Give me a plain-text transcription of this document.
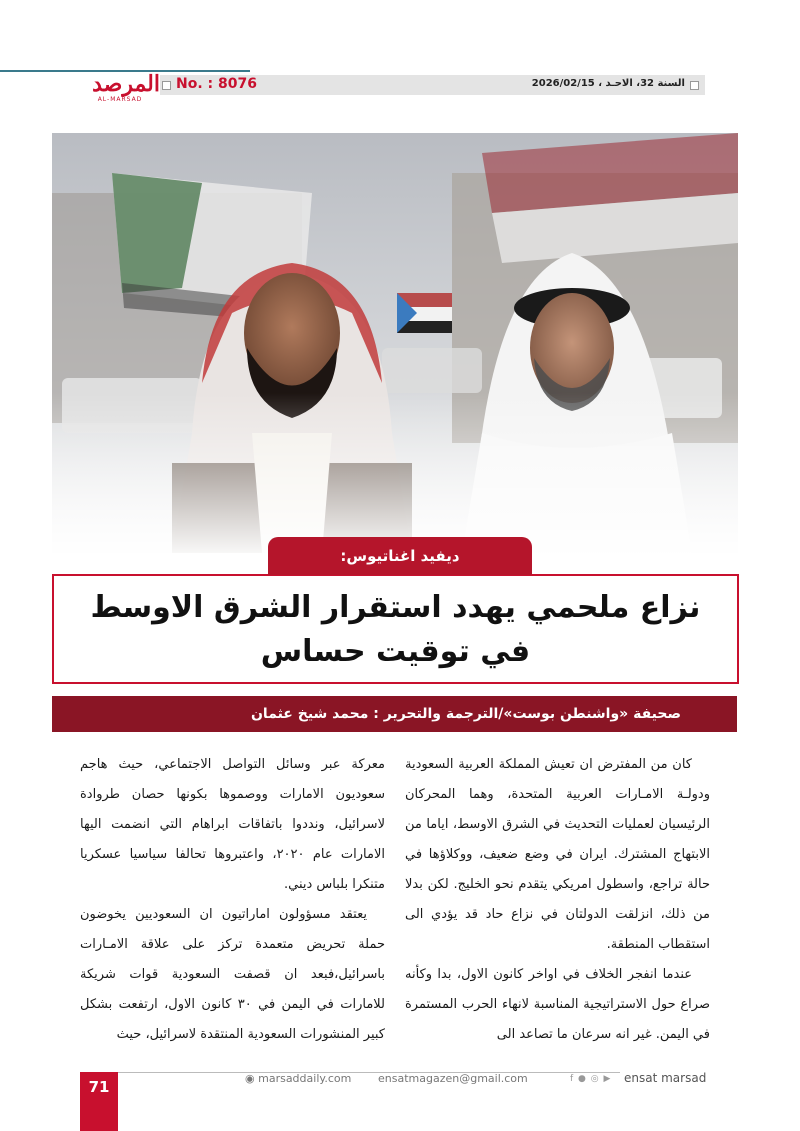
No. : 8076	السنة 32، الاحـد ، 2026/02/15
المرصد
AL-MARSAD
نزاع ملحمي يهدد استقرار الشرق الاوسط
في توقيت حساس
ديفيد اغناتيوس:
صحيفة «واشنطن بوست»/الترجمة والتحرير : محمد شيخ عثمان

كان من المفترض ان تعيش المملكة العربية السعودية ودولـة الامـارات العربية المتحدة، وهما المحركان الرئيسيان لعمليات التحديث في الشرق الاوسط، اياما من الابتهاج المشترك. ايران في وضع ضعيف، ووكلاؤها في حالة تراجع، واسطول امريكي يتقدم نحو الخليج. لكن بدلا من ذلك، انزلقت الدولتان في نزاع حاد قد يؤدي الى استقطاب المنطقة.

عندما انفجر الخلاف في اواخر كانون الاول، بدا وكأنه صراع حول الاستراتيجية المناسبة لانهاء الحرب المستمرة في اليمن. غير انه سرعان ما تصاعد الى

معركة عبر وسائل التواصل الاجتماعي، حيث هاجم سعوديون الامارات ووصموها بكونها حصان طروادة لاسرائيل، ونددوا باتفاقات ابراهام التي انضمت اليها الامارات عام ٢٠٢٠، واعتبروها تحالفا سياسيا عسكريا متنكرا بلباس ديني.

يعتقد مسؤولون اماراتيون ان السعوديين يخوضون حملة تحريض متعمدة تركز على علاقة الامـارات باسرائيل،فبعد ان قصفت السعودية قوات شريكة للامارات في اليمن في ٣٠ كانون الاول، ارتفعت بشكل كبير المنشورات السعودية المنتقدة لاسرائيل، حيث

71	◉ marsaddaily.com ensatmagazen@gmail.com	f ● ◎ ▶ ensat marsad
